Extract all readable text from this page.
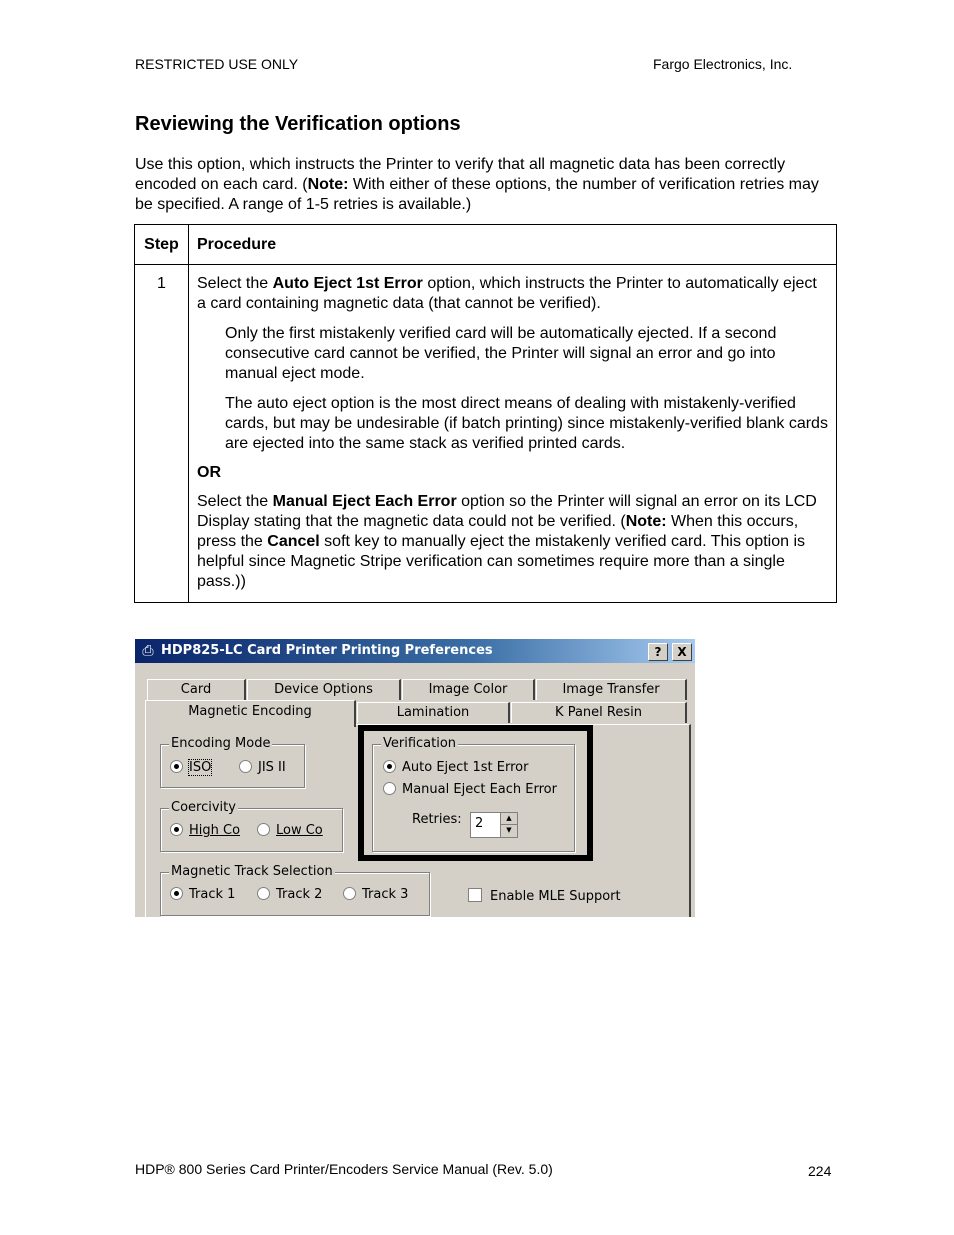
RESTRICTED USE ONLY	Fargo Electronics, Inc.
Reviewing the Verification options
Use this option, which instructs the Printer to verify that all magnetic data has been correctly encoded on each card. (Note: With either of these options, the number of verification retries may be specified. A range of 1-5 retries is available.)
Step	Procedure
1	Select the Auto Eject 1st Error option, which instructs the Printer to automatically eject a card containing magnetic data (that cannot be verified).

Only the first mistakenly verified card will be automatically ejected. If a second consecutive card cannot be verified, the Printer will signal an error and go into manual eject mode.

The auto eject option is the most direct means of dealing with mistakenly-verified cards, but may be undesirable (if batch printing) since mistakenly-verified blank cards are ejected into the same stack as verified printed cards.

OR

Select the Manual Eject Each Error option so the Printer will signal an error on its LCD Display stating that the magnetic data could not be verified. (Note: When this occurs, press the Cancel soft key to manually eject the mistakenly verified card. This option is helpful since Magnetic Stripe verification can sometimes require more than a single pass.))

⎙ HDP825-LC Card Printer Printing Preferences	?	X
Card	Device Options	Image Color	Image Transfer
Magnetic Encoding	Lamination	K Panel Resin
Encoding Mode
ISO	JIS II
Coercivity
High Co	Low Co
Verification
Auto Eject 1st Error
Manual Eject Each Error
Retries: 2	▲
▼
Magnetic Track Selection
Track 1	Track 2	Track 3	Enable MLE Support
HDP® 800 Series Card Printer/Encoders Service Manual (Rev. 5.0)	224
